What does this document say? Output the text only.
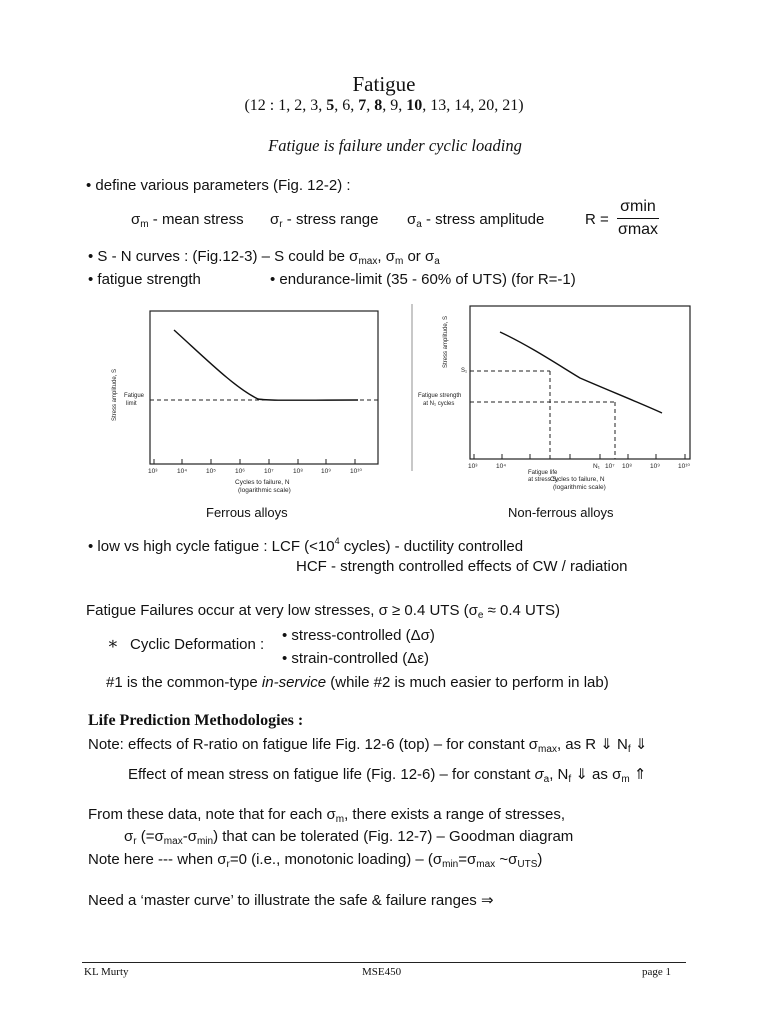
Fatigue
(12 : 1, 2, 3, 5, 6, 7, 8, 9, 10, 13, 14, 20, 21)
Fatigue is failure under cyclic loading
• define various parameters (Fig. 12-2) :
$\sigma_m$ - mean stress $\sigma_r$ - stress range $\sigma_a$ - stress amplitude	R =
σmin
σmax
• S - N curves : (Fig.12-3) – S could be $\sigma_{max}$, $\sigma_m$ or $\sigma_a$
• fatigue strength	• endurance-limit (35 - 60% of UTS) (for R=-1)
Stress amplitude, S Fatigue
limit
10³	10⁴	10⁵	10⁶	10⁷	10⁸	10⁹	10¹⁰
Cycles to failure, N
(logarithmic scale)
Stress amplitude, S
S₁
Fatigue strength
at N₁ cycles
10³	10⁴
Fatigue life
at stress S₁
N₁ 10⁷ 10⁸	10⁹	10¹⁰
Cycles to failure, N
(logarithmic scale)
Ferrous alloys	Non-ferrous alloys
• low vs high cycle fatigue : LCF ($<10^4$ cycles) - ductility controlled
HCF - strength controlled effects of CW / radiation
Fatigue Failures occur at very low stresses, σ ≥ 0.4 UTS ($\sigma_e \approx 0.4$ UTS)
∗ Cyclic Deformation :
• stress-controlled (Δσ)
• strain-controlled (Δε)
#1 is the common-type in-service (while #2 is much easier to perform in lab)
Life Prediction Methodologies :
Note: effects of R-ratio on fatigue life Fig. 12-6 (top) – for constant $\sigma_{max}$, as R ⇓ $N_f$ ⇓
Effect of mean stress on fatigue life (Fig. 12-6) – for constant $\sigma_a$, $N_f$ ⇓ as $\sigma_m$ ⇑
From these data, note that for each $\sigma_m$, there exists a range of stresses,
$\sigma_r$ $(=\sigma_{max}-\sigma_{min})$ that can be tolerated (Fig. 12-7) – Goodman diagram
Note here --- when $\sigma_r=0$ (i.e., monotonic loading) – ($\sigma_{min}=\sigma_{max}$ $\sim\sigma_{UTS}$)
Need a ‘master curve’ to illustrate the safe & failure ranges ⇒
KL Murty	MSE450	page 1
